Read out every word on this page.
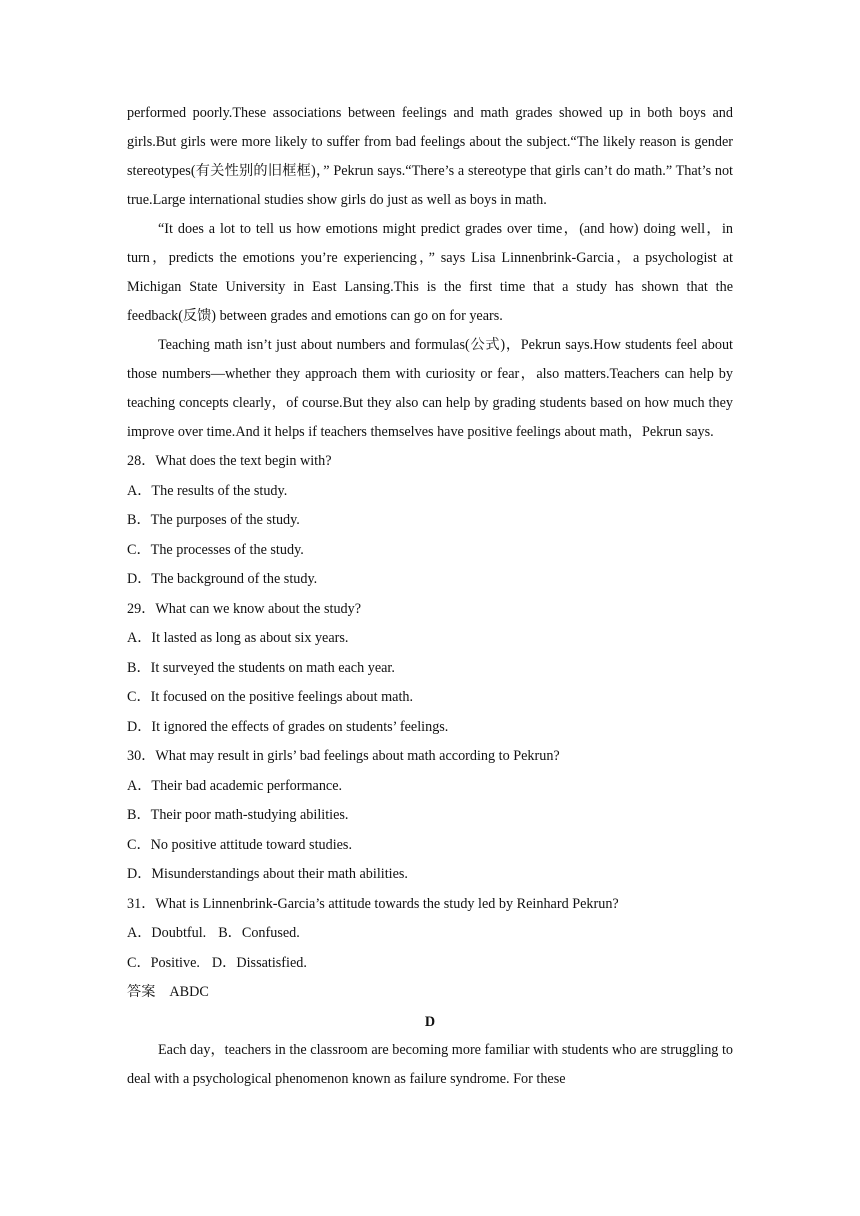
performed poorly.These associations between feelings and math grades showed up in both boys and girls.But girls were more likely to suffer from bad feelings about the subject.“The likely reason is gender stereotypes(有关性别的旧框框)，” Pekrun says.“There’s a stereotype that girls can’t do math.” That’s not true.Large international studies show girls do just as well as boys in math.

“It does a lot to tell us how emotions might predict grades over time，(and how) doing well，in turn，predicts the emotions you’re experiencing，” says Lisa Linnenbrink-Garcia，a psychologist at Michigan State University in East Lansing.This is the first time that a study has shown that the feedback(反馈) between grades and emotions can go on for years.

Teaching math isn’t just about numbers and formulas(公式)，Pekrun says.How students feel about those numbers—whether they approach them with curiosity or fear，also matters.Teachers can help by teaching concepts clearly，of course.But they also can help by grading students based on how much they improve over time.And it helps if teachers themselves have positive feelings about math，Pekrun says.

28．What does the text begin with?

A．The results of the study.

B．The purposes of the study.

C．The processes of the study.

D．The background of the study.

29．What can we know about the study?

A．It lasted as long as about six years.

B．It surveyed the students on math each year.

C．It focused on the positive feelings about math.

D．It ignored the effects of grades on students’ feelings.

30．What may result in girls’ bad feelings about math according to Pekrun?

A．Their bad academic performance.

B．Their poor math-studying abilities.

C．No positive attitude toward studies.

D．Misunderstandings about their math abilities.

31．What is Linnenbrink-Garcia’s attitude towards the study led by Reinhard Pekrun?

A．Doubtful. B．Confused.

C．Positive. D．Dissatisfied.

答案 ABDC

D

Each day，teachers in the classroom are becoming more familiar with students who are struggling to deal with a psychological phenomenon known as failure syndrome. For these
